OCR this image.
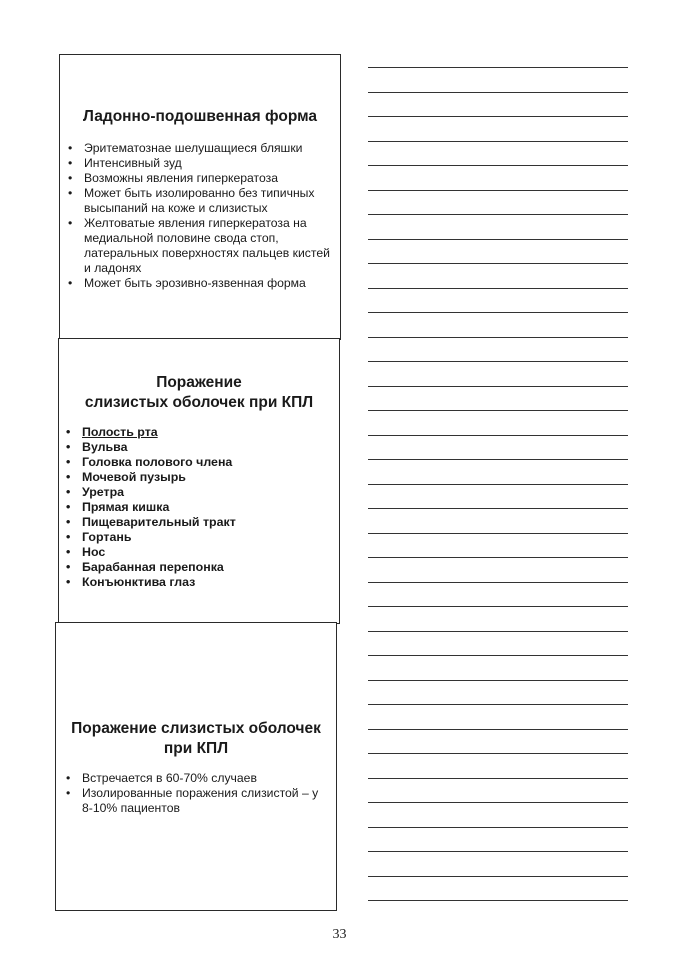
Ладонно-подошвенная форма
• Эритематознае шелушащиеся бляшки
• Интенсивный зуд
• Возможны явления гиперкератоза
• Может быть изолированно без типичных высыпаний на коже и слизистых
• Желтоватые явления гиперкератоза на медиальной половине свода стоп, латеральных поверхностях пальцев кистей и ладонях
• Может быть эрозивно-язвенная форма
Поражение
слизистых оболочек при КПЛ
• Полость рта
• Вульва
• Головка полового члена
• Мочевой пузырь
• Уретра
• Прямая кишка
• Пищеварительный тракт
• Гортань
• Нос
• Барабанная перепонка
• Конъюнктива глаз
Поражение слизистых оболочек
при КПЛ
• Встречается в 60-70% случаев
• Изолированные поражения слизистой – у 8-10% пациентов
33
